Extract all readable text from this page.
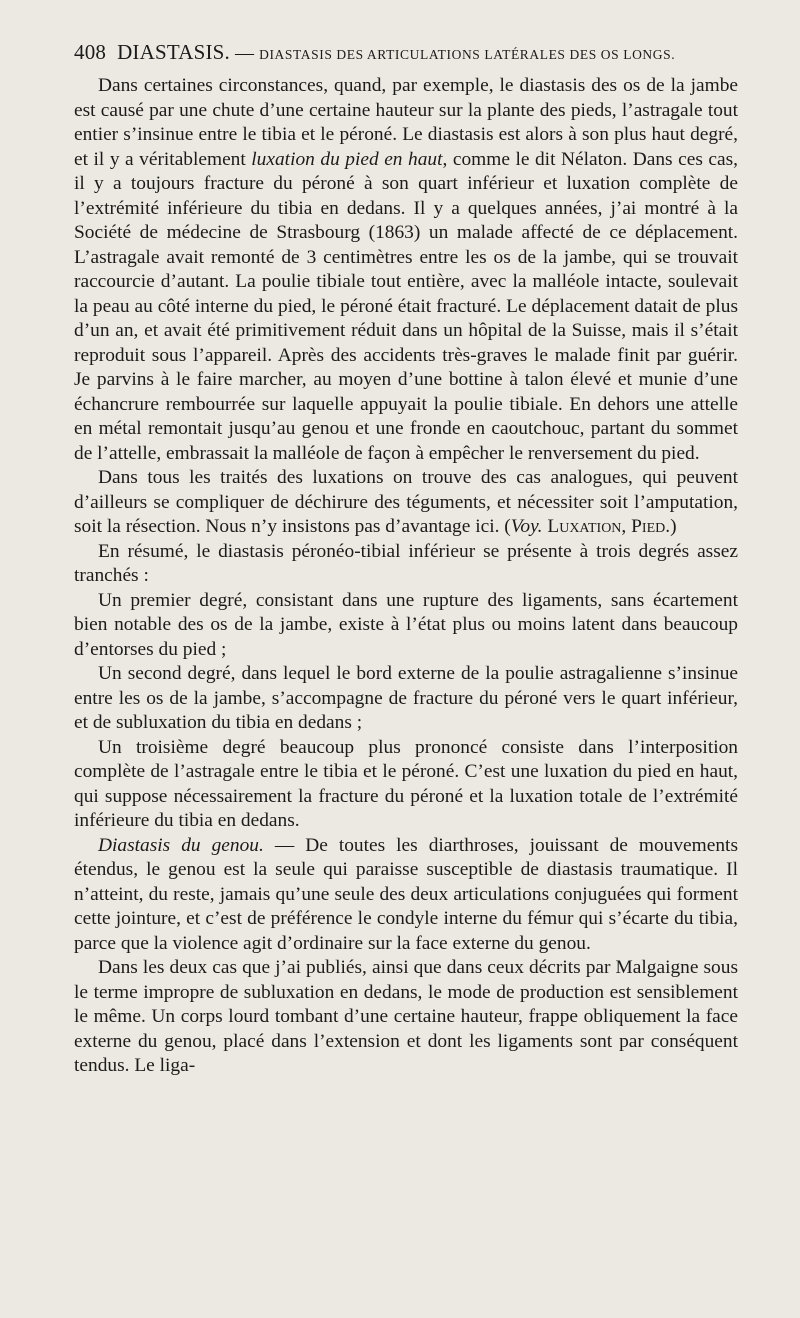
408 DIASTASIS. — DIASTASIS DES ARTICULATIONS LATÉRALES DES OS LONGS.

Dans certaines circonstances, quand, par exemple, le diastasis des os de la jambe est causé par une chute d’une certaine hauteur sur la plante des pieds, l’astragale tout entier s’insinue entre le tibia et le péroné. Le diastasis est alors à son plus haut degré, et il y a véritablement luxation du pied en haut, comme le dit Nélaton. Dans ces cas, il y a toujours fracture du péroné à son quart inférieur et luxation complète de l’extrémité inférieure du tibia en dedans. Il y a quelques années, j’ai montré à la Société de médecine de Strasbourg (1863) un malade affecté de ce déplacement. L’astragale avait remonté de 3 centimètres entre les os de la jambe, qui se trouvait raccourcie d’autant. La poulie tibiale tout entière, avec la malléole intacte, soulevait la peau au côté interne du pied, le péroné était fracturé. Le déplacement datait de plus d’un an, et avait été primitivement réduit dans un hôpital de la Suisse, mais il s’était reproduit sous l’appareil. Après des accidents très-graves le malade finit par guérir. Je parvins à le faire marcher, au moyen d’une bottine à talon élevé et munie d’une échancrure rembourrée sur laquelle appuyait la poulie tibiale. En dehors une attelle en métal remontait jusqu’au genou et une fronde en caoutchouc, partant du sommet de l’attelle, embrassait la malléole de façon à empêcher le renversement du pied.

Dans tous les traités des luxations on trouve des cas analogues, qui peuvent d’ailleurs se compliquer de déchirure des téguments, et nécessiter soit l’amputation, soit la résection. Nous n’y insistons pas d’avantage ici. (Voy. Luxation, Pied.)

En résumé, le diastasis péronéo-tibial inférieur se présente à trois degrés assez tranchés :

Un premier degré, consistant dans une rupture des ligaments, sans écartement bien notable des os de la jambe, existe à l’état plus ou moins latent dans beaucoup d’entorses du pied ;

Un second degré, dans lequel le bord externe de la poulie astragalienne s’insinue entre les os de la jambe, s’accompagne de fracture du péroné vers le quart inférieur, et de subluxation du tibia en dedans ;

Un troisième degré beaucoup plus prononcé consiste dans l’interposition complète de l’astragale entre le tibia et le péroné. C’est une luxation du pied en haut, qui suppose nécessairement la fracture du péroné et la luxation totale de l’extrémité inférieure du tibia en dedans.

Diastasis du genou. — De toutes les diarthroses, jouissant de mouvements étendus, le genou est la seule qui paraisse susceptible de diastasis traumatique. Il n’atteint, du reste, jamais qu’une seule des deux articulations conjuguées qui forment cette jointure, et c’est de préférence le condyle interne du fémur qui s’écarte du tibia, parce que la violence agit d’ordinaire sur la face externe du genou.

Dans les deux cas que j’ai publiés, ainsi que dans ceux décrits par Malgaigne sous le terme impropre de subluxation en dedans, le mode de production est sensiblement le même. Un corps lourd tombant d’une certaine hauteur, frappe obliquement la face externe du genou, placé dans l’extension et dont les ligaments sont par conséquent tendus. Le liga-
